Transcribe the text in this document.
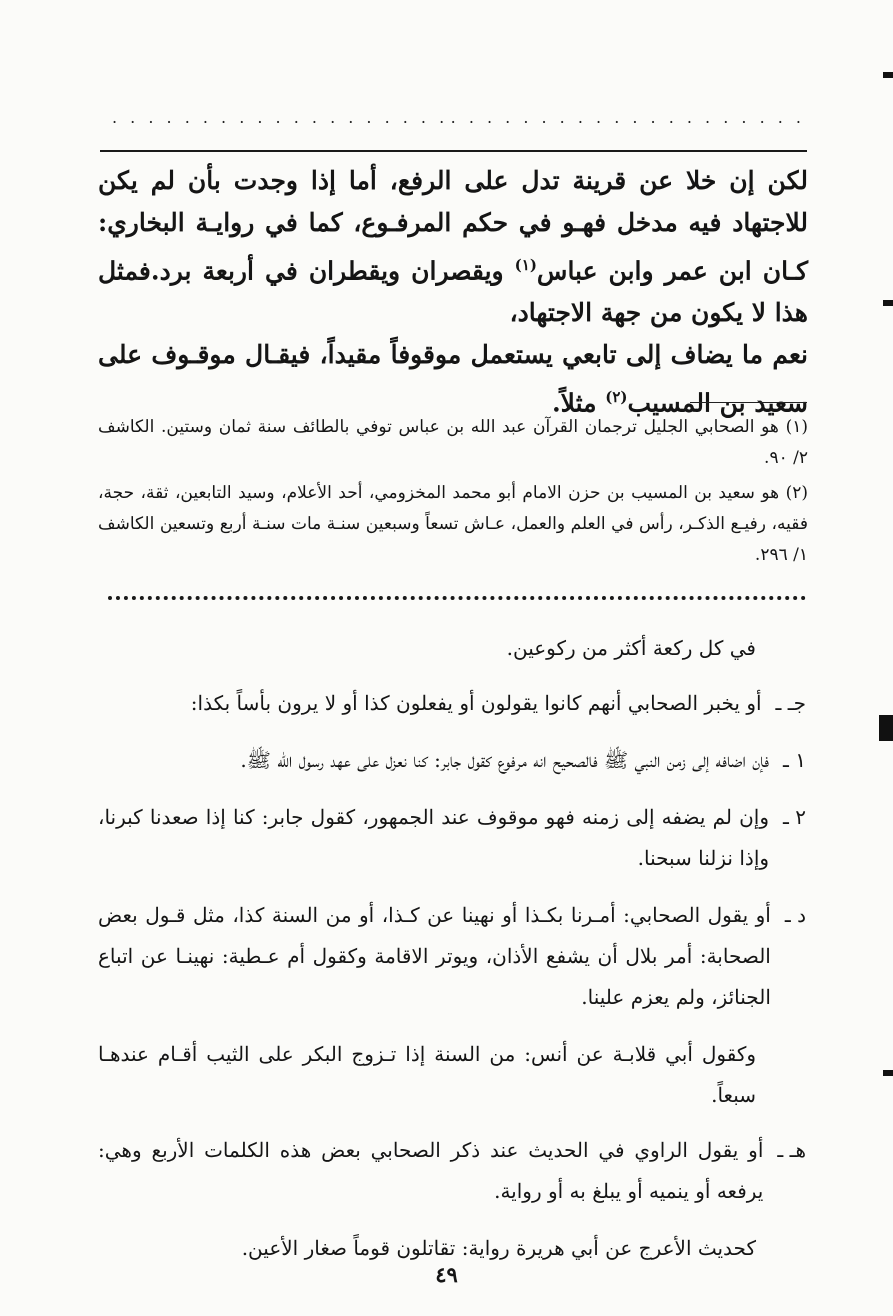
. . . . . . . . . . . . . . . . . . . .
. . . . . . . . . . . . . . . . . . .

لكن إن خلا عن قرينة تدل على الرفع، أما إذا وجدت بأن لم يكن للاجتهاد فيه مدخل فهـو في حكم المرفـوع، كما في روايـة البخاري: كـان ابن عمر وابن عباس$^{(١)}$ ويقصران ويقطران في أربعة برد.فمثل هذا لا يكون من جهة الاجتهاد،

نعم ما يضاف إلى تابعي يستعمل موقوفاً مقيداً، فيقـال موقـوف على سعيد بن المسيب$^{(٢)}$ مثلاً.

(١) هو الصحابي الجليل ترجمان القرآن عبد الله بن عباس توفي بالطائف سنة ثمان وستين. الكاشف ٢/ ٩٠.

(٢) هو سعيد بن المسيب بن حزن الامام أبو محمد المخزومي، أحد الأعلام، وسيد التابعين، ثقة، حجة، فقيه، رفيـع الذكـر، رأس في العلم والعمل، عـاش تسعاً وسبعين سنـة مات سنـة أربع وتسعين الكاشف ١/ ٢٩٦.

في كل ركعة أكثر من ركوعين.
جـ ـ
أو يخبر الصحابي أنهم كانوا يقولون أو يفعلون كذا أو لا يرون بأساً بكذا:
١ ـ
فإن اضافه إلى زمن النبي ﷺ فالصحيح انه مرفوع كقول جابر: كنا نعزل على عهد رسول الله ﷺ.
٢ ـ
وإن لم يضفه إلى زمنه فهو موقوف عند الجمهور، كقول جابر: كنا إذا صعدنا كبرنا، وإذا نزلنا سبحنا.
د ـ
أو يقول الصحابي: أمـرنا بكـذا أو نهينا عن كـذا، أو من السنة كذا، مثل قـول بعض الصحابة: أمر بلال أن يشفع الأذان، ويوتر الاقامة وكقول أم عـطية: نهينـا عن اتباع الجنائز، ولم يعزم علينا.
وكقول أبي قلابـة عن أنس: من السنة إذا تـزوج البكر على الثيب أقـام عندهـا سبعاً.
هـ ـ
أو يقول الراوي في الحديث عند ذكر الصحابي بعض هذه الكلمات الأربع وهي: يرفعه أو ينميه أو يبلغ به أو رواية.
كحديث الأعرج عن أبي هريرة رواية: تقاتلون قوماً صغار الأعين.
٤٩
